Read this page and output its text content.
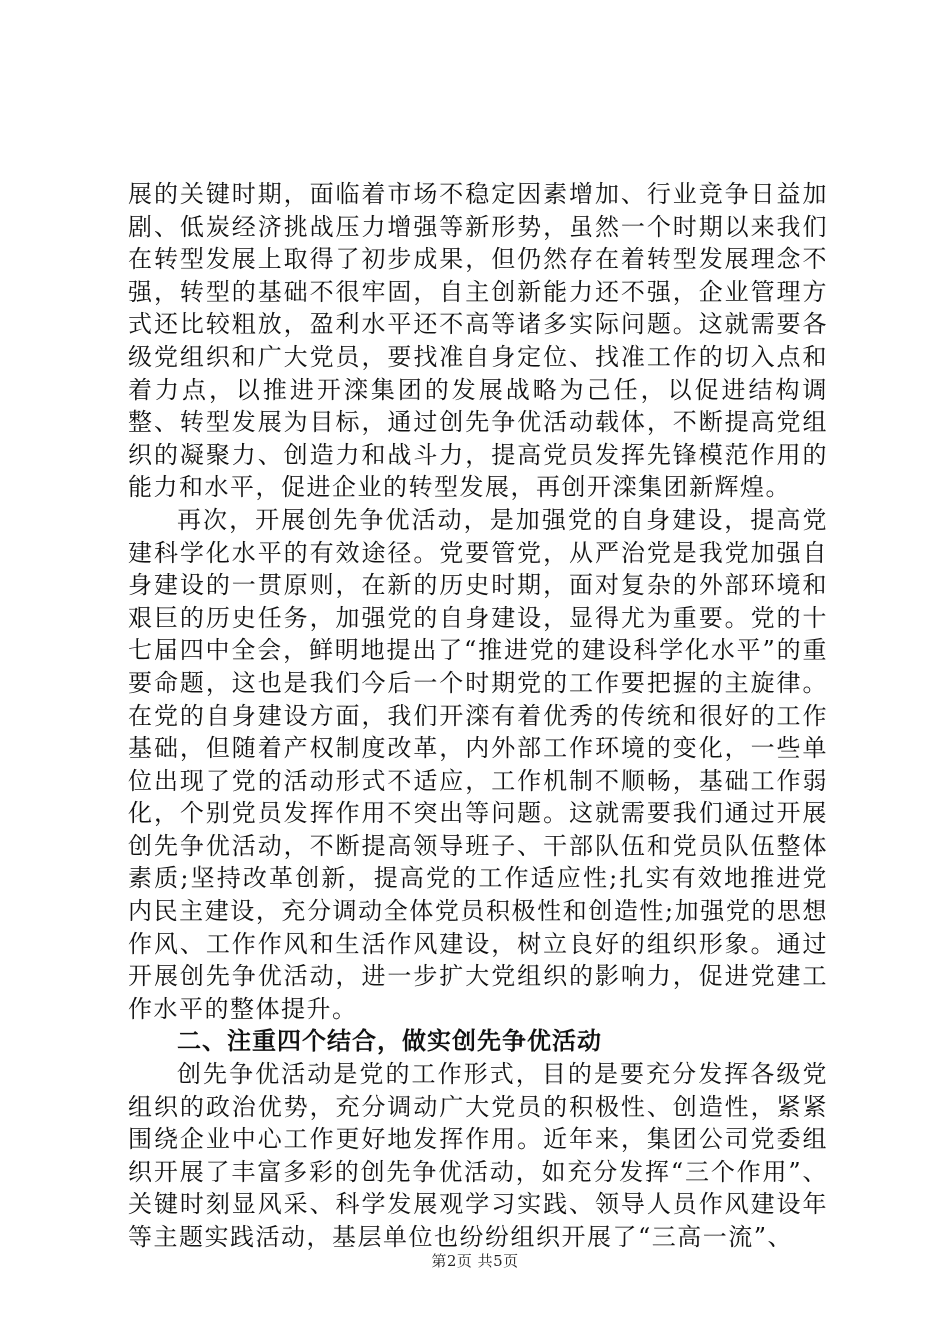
展的关键时期，面临着市场不稳定因素增加、行业竞争日益加剧、低炭经济挑战压力增强等新形势，虽然一个时期以来我们在转型发展上取得了初步成果，但仍然存在着转型发展理念不强，转型的基础不很牢固，自主创新能力还不强，企业管理方式还比较粗放，盈利水平还不高等诸多实际问题。这就需要各级党组织和广大党员，要找准自身定位、找准工作的切入点和着力点，以推进开滦集团的发展战略为己任，以促进结构调整、转型发展为目标，通过创先争优活动载体，不断提高党组织的凝聚力、创造力和战斗力，提高党员发挥先锋模范作用的能力和水平，促进企业的转型发展，再创开滦集团新辉煌。

再次，开展创先争优活动，是加强党的自身建设，提高党建科学化水平的有效途径。党要管党，从严治党是我党加强自身建设的一贯原则，在新的历史时期，面对复杂的外部环境和艰巨的历史任务，加强党的自身建设，显得尤为重要。党的十七届四中全会，鲜明地提出了“推进党的建设科学化水平”的重要命题，这也是我们今后一个时期党的工作要把握的主旋律。在党的自身建设方面，我们开滦有着优秀的传统和很好的工作基础，但随着产权制度改革，内外部工作环境的变化，一些单位出现了党的活动形式不适应，工作机制不顺畅，基础工作弱化，个别党员发挥作用不突出等问题。这就需要我们通过开展创先争优活动，不断提高领导班子、干部队伍和党员队伍整体素质;坚持改革创新，提高党的工作适应性;扎实有效地推进党内民主建设，充分调动全体党员积极性和创造性;加强党的思想作风、工作作风和生活作风建设，树立良好的组织形象。通过开展创先争优活动，进一步扩大党组织的影响力，促进党建工作水平的整体提升。

二、注重四个结合，做实创先争优活动

创先争优活动是党的工作形式，目的是要充分发挥各级党组织的政治优势，充分调动广大党员的积极性、创造性，紧紧围绕企业中心工作更好地发挥作用。近年来，集团公司党委组织开展了丰富多彩的创先争优活动，如充分发挥“三个作用”、关键时刻显风采、科学发展观学习实践、领导人员作风建设年等主题实践活动，基层单位也纷纷组织开展了“三高一流”、

第2页 共5页
